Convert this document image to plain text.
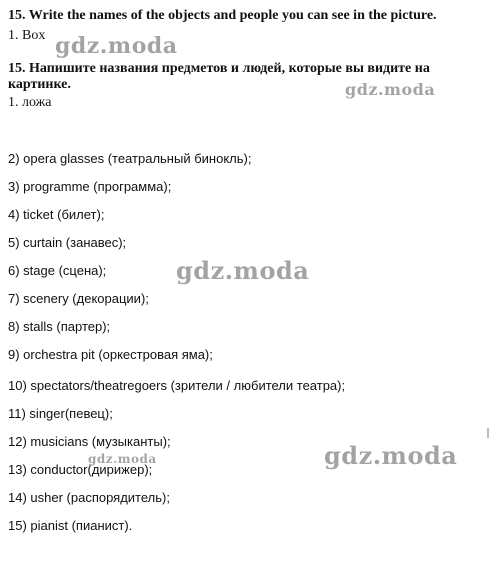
15. Write the names of the objects and people you can see in the picture.
1. Box
15. Напишите названия предметов и людей, которые вы видите на
картинке.
1. ложа
2) opera glasses (театральный бинокль);
3) programme (программа);
4) ticket (билет);
5) curtain (занавес);
6) stage (сцена);
7) scenery (декорации);
8) stalls (партер);
9) orchestra pit (оркестровая яма);
10) spectators/theatregoers (зрители / любители театра);
11) singer(певец);
12) musicians (музыканты);
13) conductor(дирижер);
14) usher (распорядитель);
15) pianist (пианист).
gdz.moda
gdz.moda
gdz.moda
gdz.moda	gdz.moda
